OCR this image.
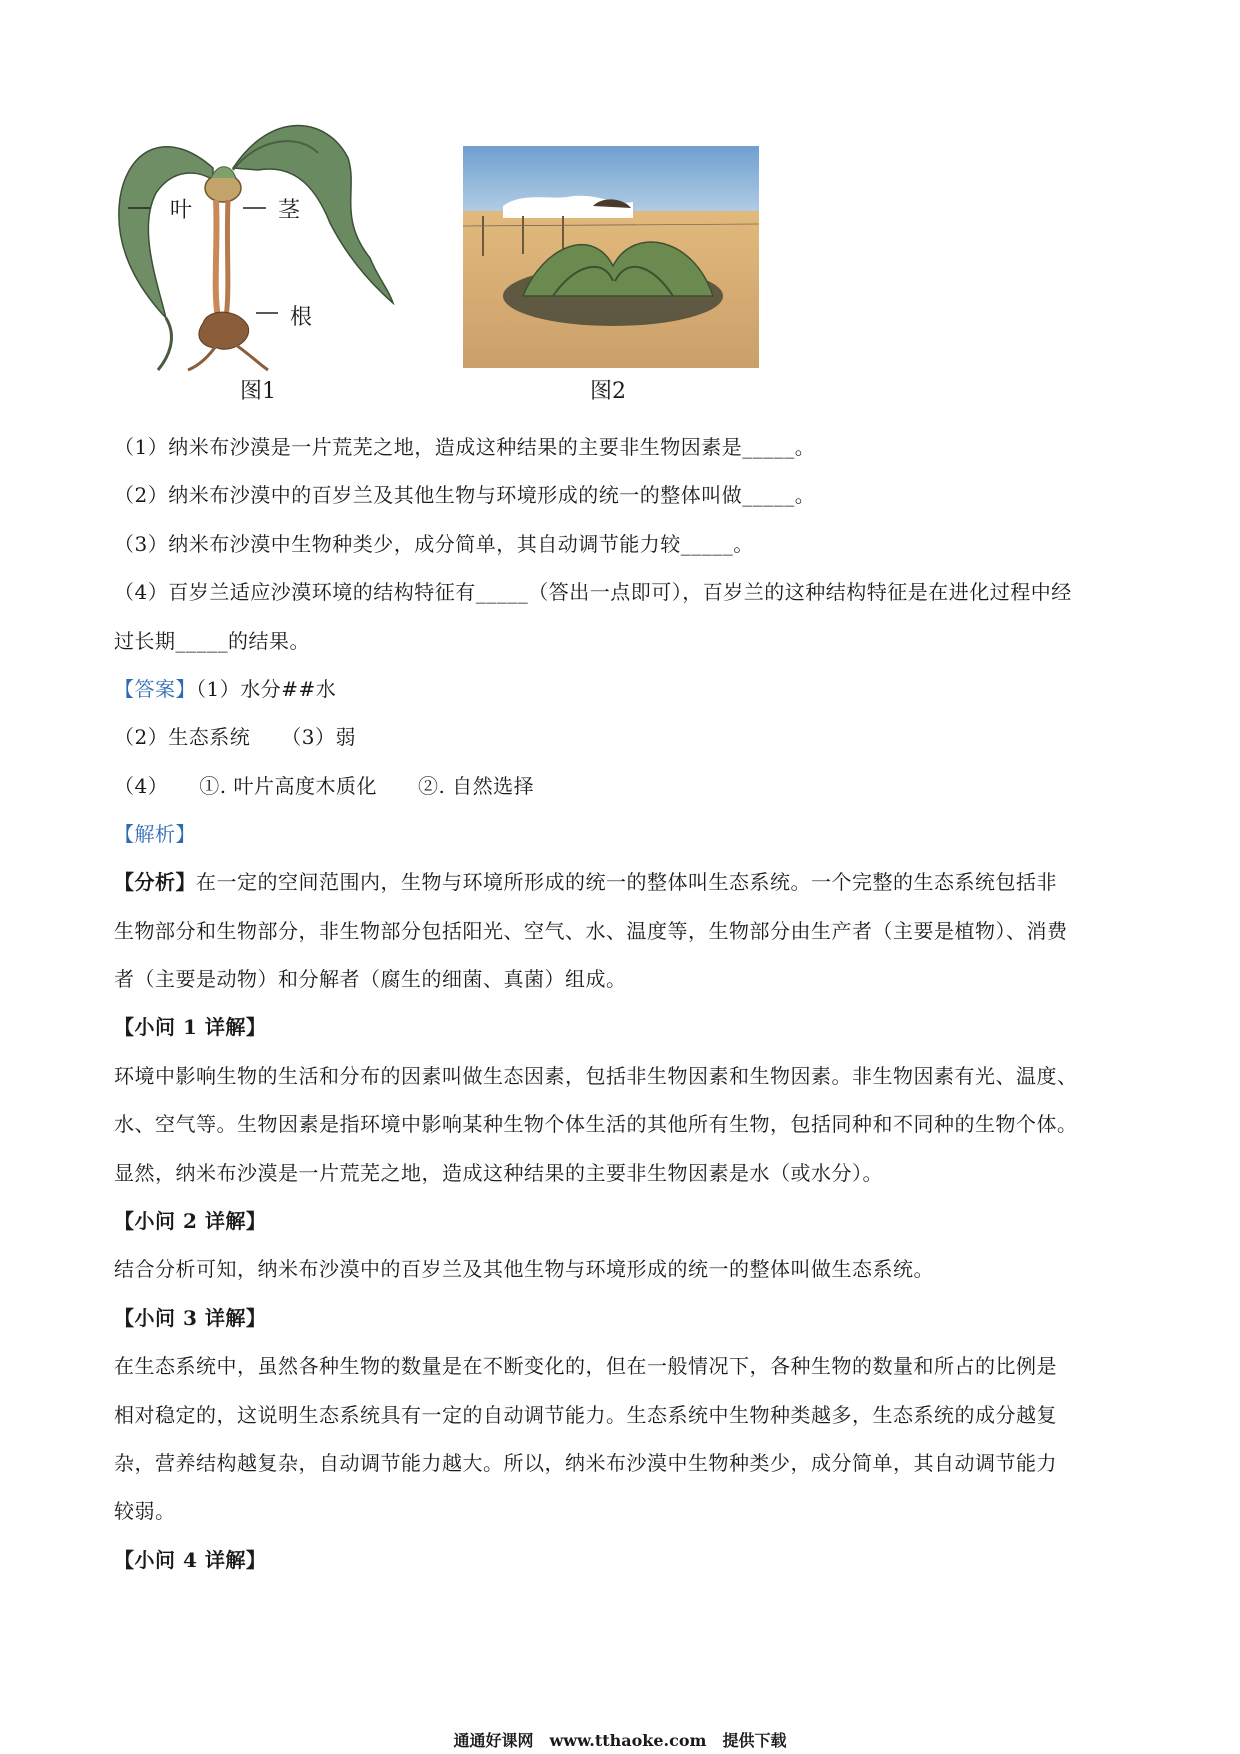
叶	茎
根
图1	图2
（1）纳米布沙漠是一片荒芜之地，造成这种结果的主要非生物因素是_____。
（2）纳米布沙漠中的百岁兰及其他生物与环境形成的统一的整体叫做_____。
（3）纳米布沙漠中生物种类少，成分简单，其自动调节能力较_____。
（4）百岁兰适应沙漠环境的结构特征有_____（答出一点即可），百岁兰的这种结构特征是在进化过程中经
过长期_____的结果。
【答案】（1）水分##水
（2）生态系统　　（3）弱
（4）　　①. 叶片高度木质化　　②. 自然选择
【解析】
【分析】在一定的空间范围内，生物与环境所形成的统一的整体叫生态系统。一个完整的生态系统包括非
生物部分和生物部分，非生物部分包括阳光、空气、水、温度等，生物部分由生产者（主要是植物）、消费
者（主要是动物）和分解者（腐生的细菌、真菌）组成。
【小问 1 详解】
环境中影响生物的生活和分布的因素叫做生态因素，包括非生物因素和生物因素。非生物因素有光、温度、
水、空气等。生物因素是指环境中影响某种生物个体生活的其他所有生物，包括同种和不同种的生物个体。
显然，纳米布沙漠是一片荒芜之地，造成这种结果的主要非生物因素是水（或水分）。
【小问 2 详解】
结合分析可知，纳米布沙漠中的百岁兰及其他生物与环境形成的统一的整体叫做生态系统。
【小问 3 详解】
在生态系统中，虽然各种生物的数量是在不断变化的，但在一般情况下，各种生物的数量和所占的比例是
相对稳定的，这说明生态系统具有一定的自动调节能力。生态系统中生物种类越多，生态系统的成分越复
杂，营养结构越复杂，自动调节能力越大。所以，纳米布沙漠中生物种类少，成分简单，其自动调节能力
较弱。
【小问 4 详解】
通通好课网　www.tthaoke.com　提供下载
